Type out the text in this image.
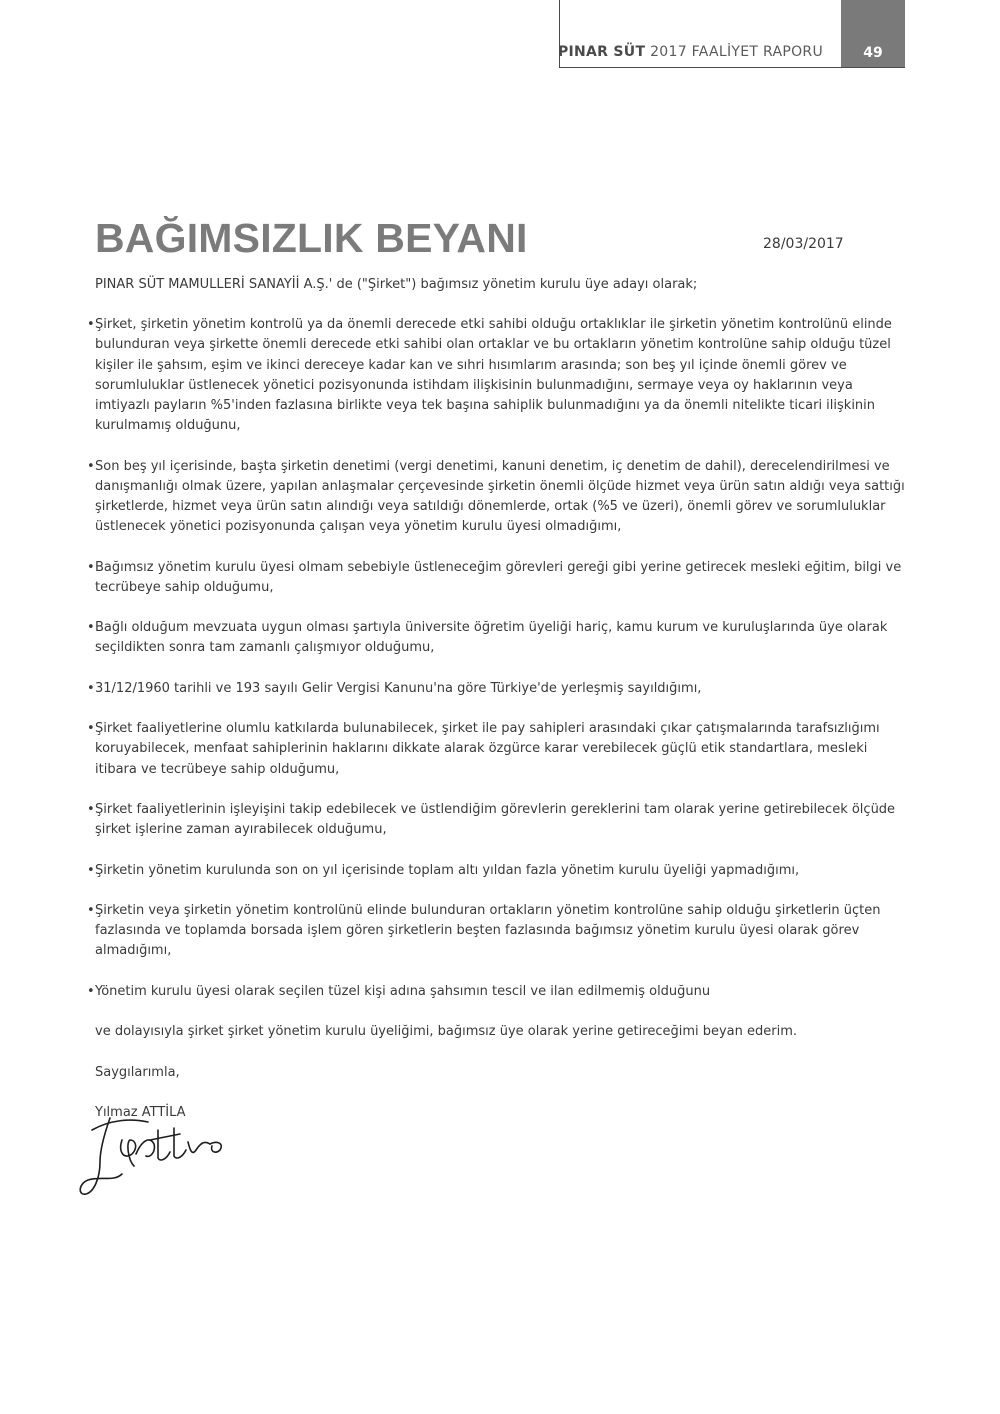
PINAR SÜT 2017 FAALİYET RAPORU	49
BAĞIMSIZLIK BEYANI	28/03/2017

PINAR SÜT MAMULLERİ SANAYİİ A.Ş.' de ("Şirket") bağımsız yönetim kurulu üye adayı olarak;

• Şirket, şirketin yönetim kontrolü ya da önemli derecede etki sahibi olduğu ortaklıklar ile şirketin yönetim kontrolünü elinde bulunduran veya şirkette önemli derecede etki sahibi olan ortaklar ve bu ortakların yönetim kontrolüne sahip olduğu tüzel kişiler ile şahsım, eşim ve ikinci dereceye kadar kan ve sıhri hısımlarım arasında; son beş yıl içinde önemli görev ve sorumluluklar üstlenecek yönetici pozisyonunda istihdam ilişkisinin bulunmadığını, sermaye veya oy haklarının veya imtiyazlı payların %5'inden fazlasına birlikte veya tek başına sahiplik bulunmadığını ya da önemli nitelikte ticari ilişkinin kurulmamış olduğunu,
• Son beş yıl içerisinde, başta şirketin denetimi (vergi denetimi, kanuni denetim, iç denetim de dahil), derecelendirilmesi ve danışmanlığı olmak üzere, yapılan anlaşmalar çerçevesinde şirketin önemli ölçüde hizmet veya ürün satın aldığı veya sattığı şirketlerde, hizmet veya ürün satın alındığı veya satıldığı dönemlerde, ortak (%5 ve üzeri), önemli görev ve sorumluluklar üstlenecek yönetici pozisyonunda çalışan veya yönetim kurulu üyesi olmadığımı,
• Bağımsız yönetim kurulu üyesi olmam sebebiyle üstleneceğim görevleri gereği gibi yerine getirecek mesleki eğitim, bilgi ve tecrübeye sahip olduğumu,
• Bağlı olduğum mevzuata uygun olması şartıyla üniversite öğretim üyeliği hariç, kamu kurum ve kuruluşlarında üye olarak seçildikten sonra tam zamanlı çalışmıyor olduğumu,
• 31/12/1960 tarihli ve 193 sayılı Gelir Vergisi Kanunu'na göre Türkiye'de yerleşmiş sayıldığımı,
• Şirket faaliyetlerine olumlu katkılarda bulunabilecek, şirket ile pay sahipleri arasındaki çıkar çatışmalarında tarafsızlığımı koruyabilecek, menfaat sahiplerinin haklarını dikkate alarak özgürce karar verebilecek güçlü etik standartlara, mesleki itibara ve tecrübeye sahip olduğumu,
• Şirket faaliyetlerinin işleyişini takip edebilecek ve üstlendiğim görevlerin gereklerini tam olarak yerine getirebilecek ölçüde şirket işlerine zaman ayırabilecek olduğumu,
• Şirketin yönetim kurulunda son on yıl içerisinde toplam altı yıldan fazla yönetim kurulu üyeliği yapmadığımı,
• Şirketin veya şirketin yönetim kontrolünü elinde bulunduran ortakların yönetim kontrolüne sahip olduğu şirketlerin üçten fazlasında ve toplamda borsada işlem gören şirketlerin beşten fazlasında bağımsız yönetim kurulu üyesi olarak görev almadığımı,
• Yönetim kurulu üyesi olarak seçilen tüzel kişi adına şahsımın tescil ve ilan edilmemiş olduğunu

ve dolayısıyla şirket şirket yönetim kurulu üyeliğimi, bağımsız üye olarak yerine getireceğimi beyan ederim.

Saygılarımla,

Yılmaz ATTİLA
